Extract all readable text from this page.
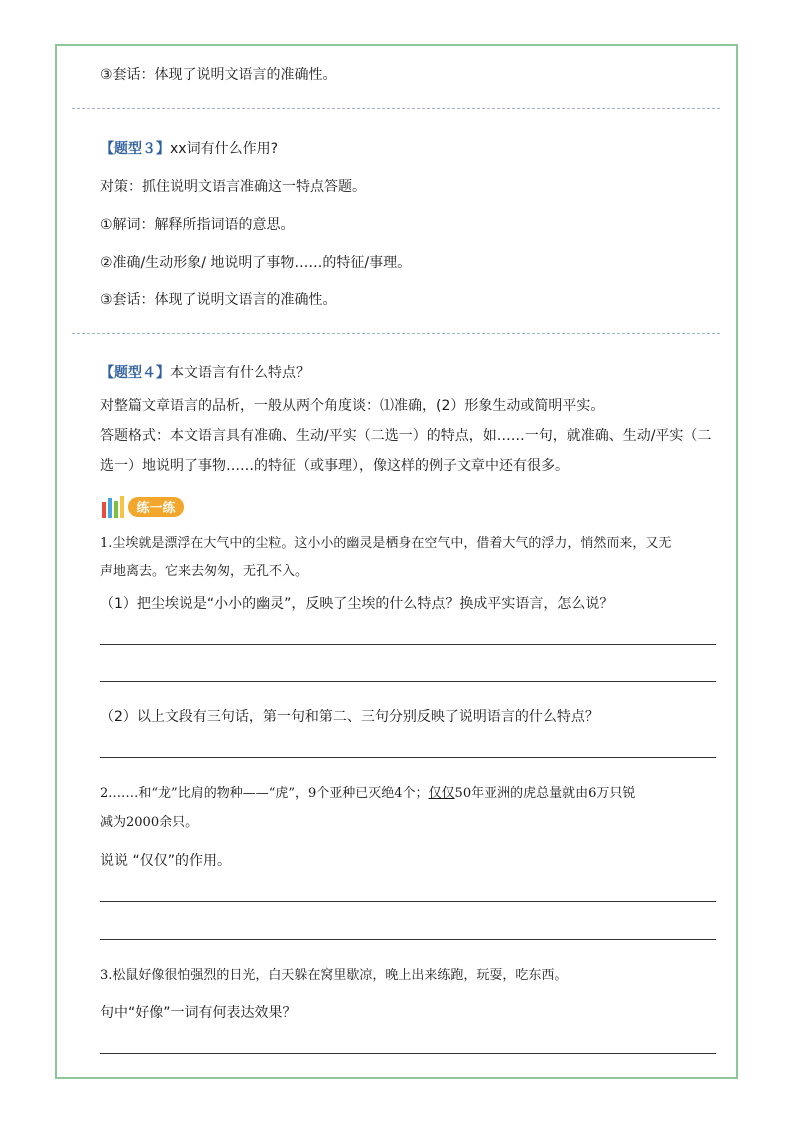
③套话：体现了说明文语言的准确性。
【题型３】xx词有什么作用?
对策：抓住说明文语言准确这一特点答题。
①解词：解释所指词语的意思。
②准确/生动形象/ 地说明了事物……的特征/事理。
③套话：体现了说明文语言的准确性。
【题型４】本文语言有什么特点？
对整篇文章语言的品析，一般从两个角度谈：⑴准确，(2）形象生动或简明平实。
答题格式：本文语言具有准确、生动/平实（二选一）的特点，如……一句，就准确、生动/平实（二
选一）地说明了事物……的特征（或事理），像这样的例子文章中还有很多。
练一练
1.尘埃就是漂浮在大气中的尘粒。这小小的幽灵是栖身在空气中，借着大气的浮力，悄然而来，又无
声地离去。它来去匆匆，无孔不入。
（1）把尘埃说是“小小的幽灵”，反映了尘埃的什么特点？换成平实语言，怎么说？
（2）以上文段有三句话，第一句和第二、三句分别反映了说明语言的什么特点？
2.……和“龙”比肩的物种——“虎”，9个亚种已灭绝4个；仅仅50年亚洲的虎总量就由6万只锐
减为2000余只。
说说 “仅仅”的作用。
3.松鼠好像很怕强烈的日光，白天躲在窝里歇凉，晚上出来练跑，玩耍，吃东西。
句中“好像”一词有何表达效果？
